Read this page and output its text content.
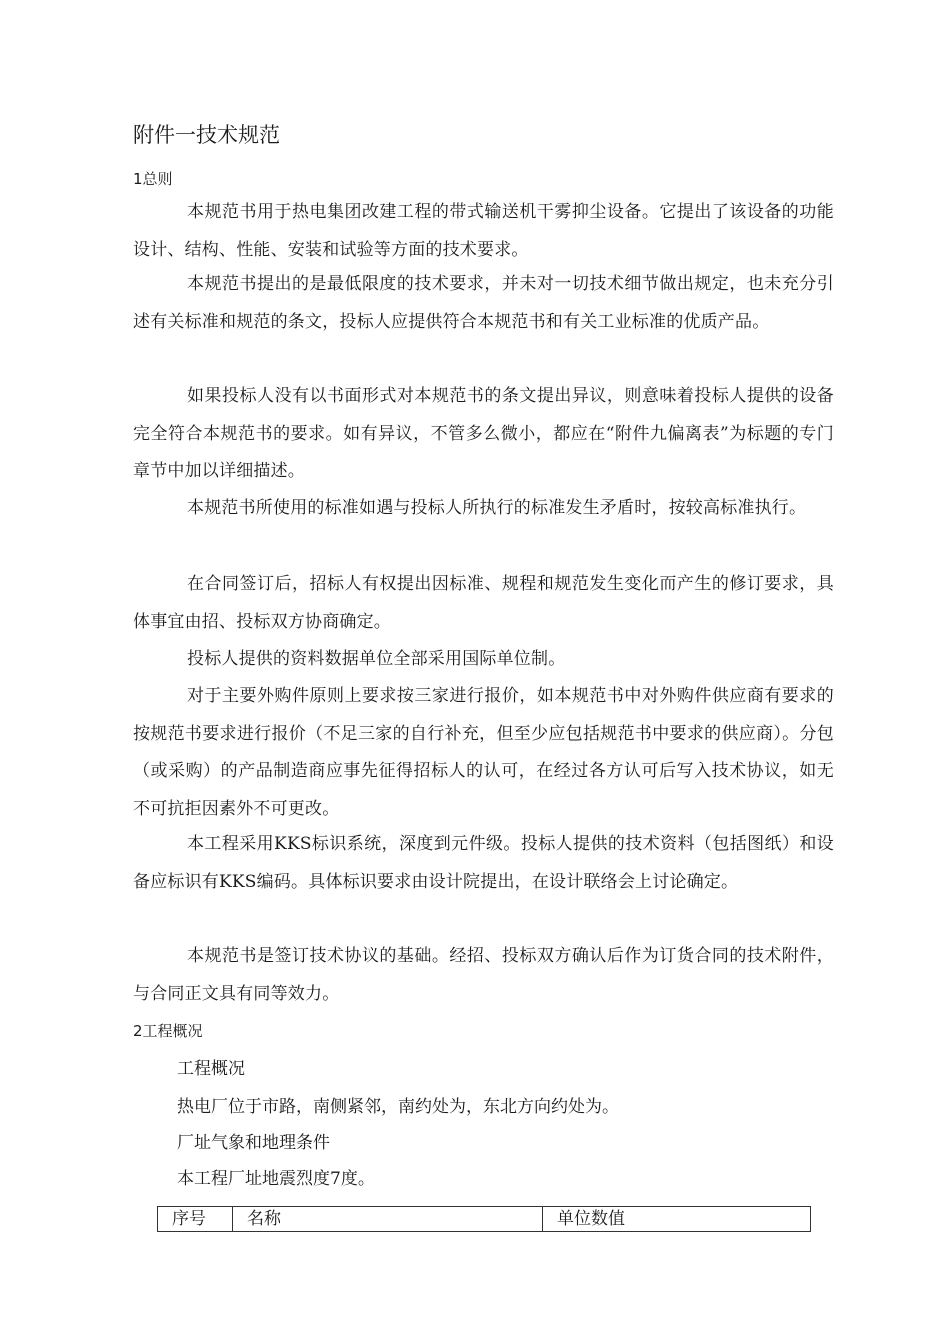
附件一技术规范
1总则

本规范书用于热电集团改建工程的带式输送机干雾抑尘设备。它提出了该设备的功能设计、结构、性能、安装和试验等方面的技术要求。

本规范书提出的是最低限度的技术要求，并未对一切技术细节做出规定，也未充分引述有关标准和规范的条文，投标人应提供符合本规范书和有关工业标准的优质产品。

如果投标人没有以书面形式对本规范书的条文提出异议，则意味着投标人提供的设备完全符合本规范书的要求。如有异议，不管多么微小，都应在“附件九偏离表”为标题的专门章节中加以详细描述。

本规范书所使用的标准如遇与投标人所执行的标准发生矛盾时，按较高标准执行。

在合同签订后，招标人有权提出因标准、规程和规范发生变化而产生的修订要求，具体事宜由招、投标双方协商确定。

投标人提供的资料数据单位全部采用国际单位制。

对于主要外购件原则上要求按三家进行报价，如本规范书中对外购件供应商有要求的按规范书要求进行报价（不足三家的自行补充，但至少应包括规范书中要求的供应商）。分包（或采购）的产品制造商应事先征得招标人的认可，在经过各方认可后写入技术协议，如无不可抗拒因素外不可更改。

本工程采用KKS标识系统，深度到元件级。投标人提供的技术资料（包括图纸）和设备应标识有KKS编码。具体标识要求由设计院提出，在设计联络会上讨论确定。

本规范书是签订技术协议的基础。经招、投标双方确认后作为订货合同的技术附件，与合同正文具有同等效力。

2工程概况

工程概况

热电厂位于市路，南侧紧邻，南约处为，东北方向约处为。

厂址气象和地理条件

本工程厂址地震烈度7度。

序号	名称	单位数值
